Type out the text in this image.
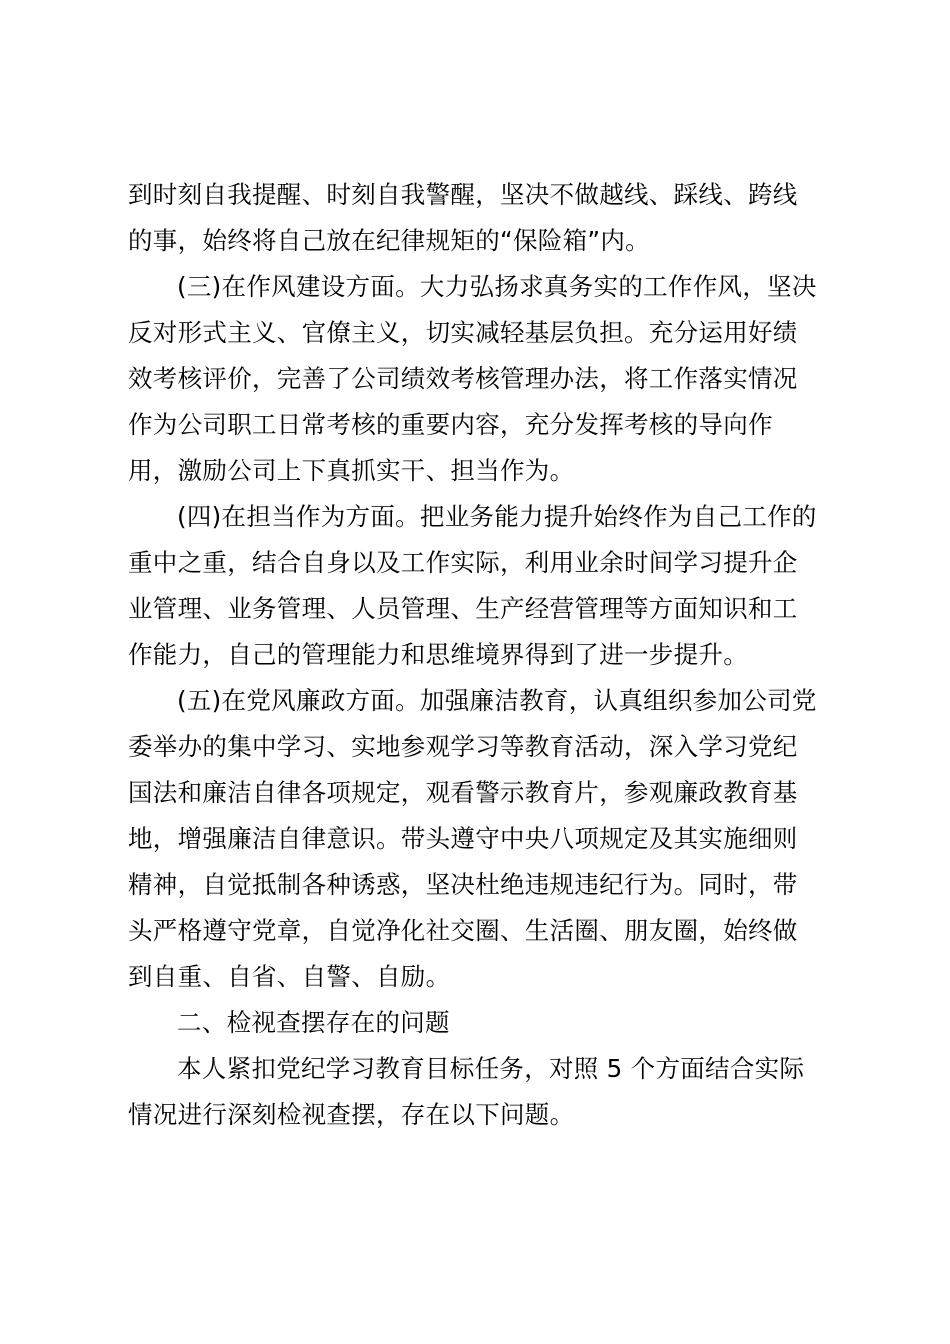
到时刻自我提醒、时刻自我警醒，坚决不做越线、踩线、跨线
的事，始终将自己放在纪律规矩的“保险箱”内。
(三)在作风建设方面。大力弘扬求真务实的工作作风，坚决
反对形式主义、官僚主义，切实减轻基层负担。充分运用好绩
效考核评价，完善了公司绩效考核管理办法，将工作落实情况
作为公司职工日常考核的重要内容，充分发挥考核的导向作
用，激励公司上下真抓实干、担当作为。
(四)在担当作为方面。把业务能力提升始终作为自己工作的
重中之重，结合自身以及工作实际，利用业余时间学习提升企
业管理、业务管理、人员管理、生产经营管理等方面知识和工
作能力，自己的管理能力和思维境界得到了进一步提升。
(五)在党风廉政方面。加强廉洁教育，认真组织参加公司党
委举办的集中学习、实地参观学习等教育活动，深入学习党纪
国法和廉洁自律各项规定，观看警示教育片，参观廉政教育基
地，增强廉洁自律意识。带头遵守中央八项规定及其实施细则
精神，自觉抵制各种诱惑，坚决杜绝违规违纪行为。同时，带
头严格遵守党章，自觉净化社交圈、生活圈、朋友圈，始终做
到自重、自省、自警、自励。
二、检视查摆存在的问题
本人紧扣党纪学习教育目标任务，对照 5 个方面结合实际
情况进行深刻检视查摆，存在以下问题。
